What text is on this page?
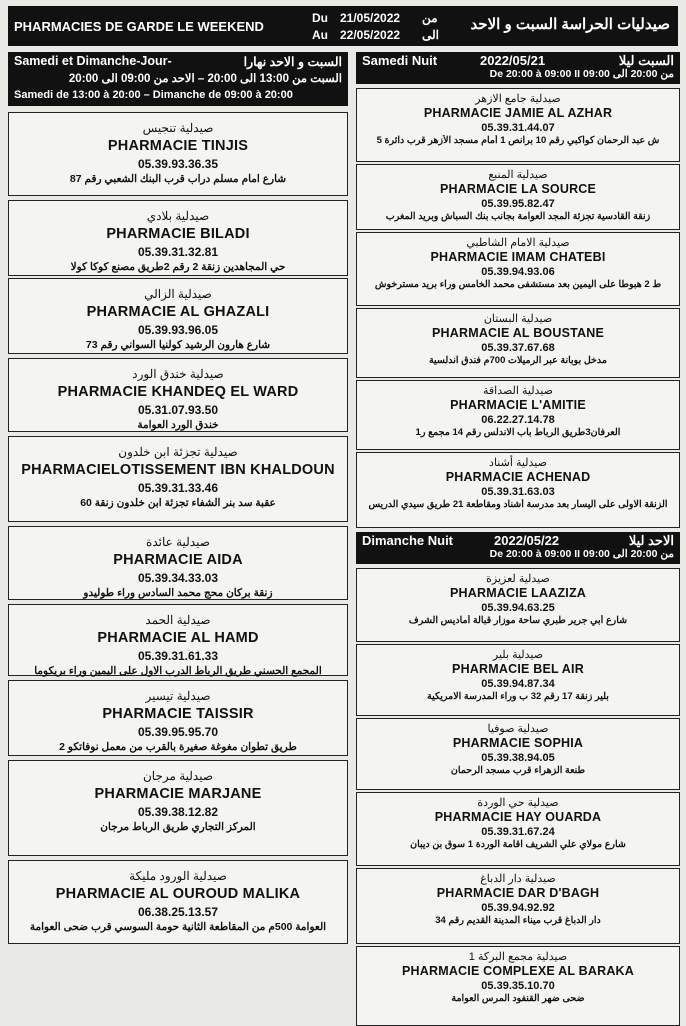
PHARMACIES DE GARDE LE WEEKEND
Du 21/05/2022
Au 22/05/2022
من
الى
صيدليات الحراسة السبت و الاحد
Samedi et Dimanche-Jour-	السبت و الاحد نهارا
السبت من 13:00 الى 20:00 – الاحد من 09:00 الى 20:00
Samedi de 13:00 à 20:00 – Dimanche de 09:00 à 20:00
صيدلية تنجيس
PHARMACIE TINJIS
05.39.93.36.35
شارع امام مسلم دراب قرب البنك الشعبي رقم 87
صيدلية بلادي
PHARMACIE BILADI
05.39.31.32.81
حي المجاهدين زنقة 2 رقم 2طريق مصنع كوكا كولا
صيدلية الزالي
PHARMACIE AL GHAZALI
05.39.93.96.05
شارع هارون الرشيد كولنيا السواني رقم 73
صيدلية خندق الورد
PHARMACIE KHANDEQ EL WARD
05.31.07.93.50
خندق الورد العوامة
صيدلية تجزئة ابن خلدون
PHARMACIELOTISSEMENT IBN KHALDOUN
05.39.31.33.46
عقبة سد بنر الشفاء تجزئة ابن خلدون زنقة 60
صيدلية عائدة
PHARMACIE AIDA
05.39.34.33.03
زنقة بركان محج محمد السادس وراء طوليدو
صيدلية الحمد
PHARMACIE AL HAMD
05.39.31.61.33
المجمع الحسني طريق الرباط الدرب الاول على اليمين وراء بريكوما
صيدلية تيسير
PHARMACIE TAISSIR
05.39.95.95.70
طريق تطوان مغوغة صغيرة بالقرب من معمل نوفاتكو 2
صيدلية مرجان
PHARMACIE MARJANE
05.39.38.12.82
المركز التجاري طريق الرباط مرجان
صيدلية الورود مليكة
PHARMACIE AL OUROUD MALIKA
06.38.25.13.57
العوامة 500م من المقاطعة الثانية حومة السوسي قرب ضحى العوامة
Samedi Nuit	2022/05/21	السبت ليلا
De 20:00 à 09:00 II من 20:00 الى 09:00
صيدلية جامع الازهر
PHARMACIE JAMIE AL AZHAR
05.39.31.44.07
ش عبد الرحمان كواكبي رقم 10 برانص 1 أمام مسجد الأزهر قرب دائرة 5
صيدلية المنبع
PHARMACIE LA SOURCE
05.39.95.82.47
زنقة القادسية تجزئة المجد العوامة بجانب بنك السباش وبريد المغرب
صيدلية الامام الشاطبي
PHARMACIE IMAM CHATEBI
05.39.94.93.06
ط 2 هبوطا على اليمين بعد مستشفى محمد الخامس وراء بريد مسترخوش
صيدلية البستان
PHARMACIE AL BOUSTANE
05.39.37.67.68
مدخل بوبانة عبر الرميلات 700م فندق اندلسية
صيدلية الصداقة
PHARMACIE L'AMITIE
06.22.27.14.78
العرفان3طريق الرباط باب الاندلس رقم 14 مجمع ر1
صيدلية أشناد
PHARMACIE ACHENAD
05.39.31.63.03
الزنقة الاولى على اليسار بعد مدرسة أشناد ومقاطعة 21 طريق سيدي الدريس
Dimanche Nuit	2022/05/22	الاحد ليلا
De 20:00 à 09:00 II من 20:00 الى 09:00
صيدلية لعزيزة
PHARMACIE LAAZIZA
05.39.94.63.25
شارع أبي جرير طبري ساحة موزار قبالة أماديس الشرف
صيدلية بلير
PHARMACIE BEL AIR
05.39.94.87.34
بلير زنقة 17 رقم 32 ب وراء المدرسة الامريكية
صيدلية صوفيا
PHARMACIE SOPHIA
05.39.38.94.05
طنعة الزهراء قرب مسجد الرحمان
صيدلية حي الوردة
PHARMACIE HAY OUARDA
05.39.31.67.24
شارع مولاي علي الشريف اقامة الوردة 1 سوق بن ديبان
صيدلية دار الدباغ
PHARMACIE DAR D'BAGH
05.39.94.92.92
دار الدباغ قرب ميناء المدينة القديم رقم 34
صيدلية مجمع البركة 1
PHARMACIE COMPLEXE AL BARAKA
05.39.35.10.70
ضحى ضهر القنفود المرس العوامة
